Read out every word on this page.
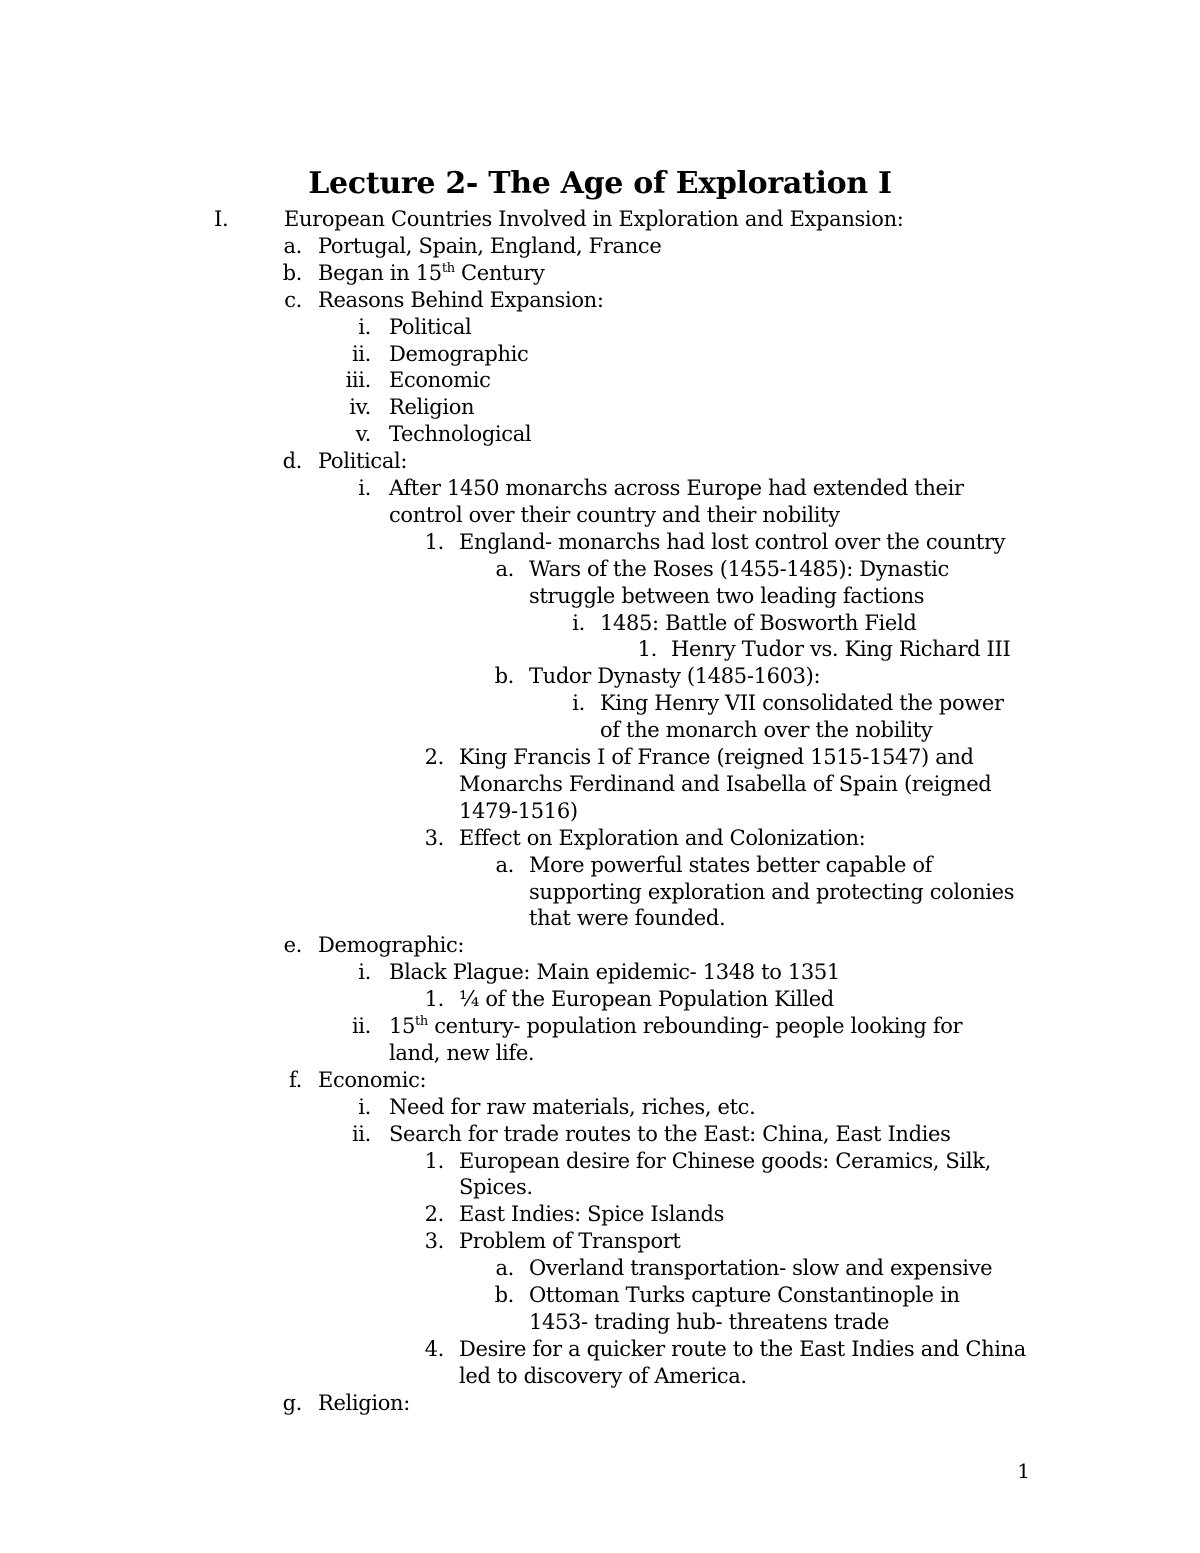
Lecture 2- The Age of Exploration I
I.	European Countries Involved in Exploration and Expansion:
a. Portugal, Spain, England, France
b. Began in 15th Century
c. Reasons Behind Expansion:
i. Political
ii. Demographic
iii. Economic
iv. Religion
v. Technological
d. Political:
i. After 1450 monarchs across Europe had extended their
control over their country and their nobility
1. England- monarchs had lost control over the country
a. Wars of the Roses (1455-1485): Dynastic
struggle between two leading factions
i. 1485: Battle of Bosworth Field
1. Henry Tudor vs. King Richard III
b. Tudor Dynasty (1485-1603):
i. King Henry VII consolidated the power
of the monarch over the nobility
2. King Francis I of France (reigned 1515-1547) and
Monarchs Ferdinand and Isabella of Spain (reigned
1479-1516)
3. Effect on Exploration and Colonization:
a. More powerful states better capable of
supporting exploration and protecting colonies
that were founded.
e. Demographic:
i. Black Plague: Main epidemic- 1348 to 1351
1. ¼ of the European Population Killed
ii. 15th century- population rebounding- people looking for
land, new life.
f. Economic:
i. Need for raw materials, riches, etc.
ii. Search for trade routes to the East: China, East Indies
1. European desire for Chinese goods: Ceramics, Silk,
Spices.
2. East Indies: Spice Islands
3. Problem of Transport
a. Overland transportation- slow and expensive
b. Ottoman Turks capture Constantinople in
1453- trading hub- threatens trade
4. Desire for a quicker route to the East Indies and China
led to discovery of America.
g. Religion:
1
